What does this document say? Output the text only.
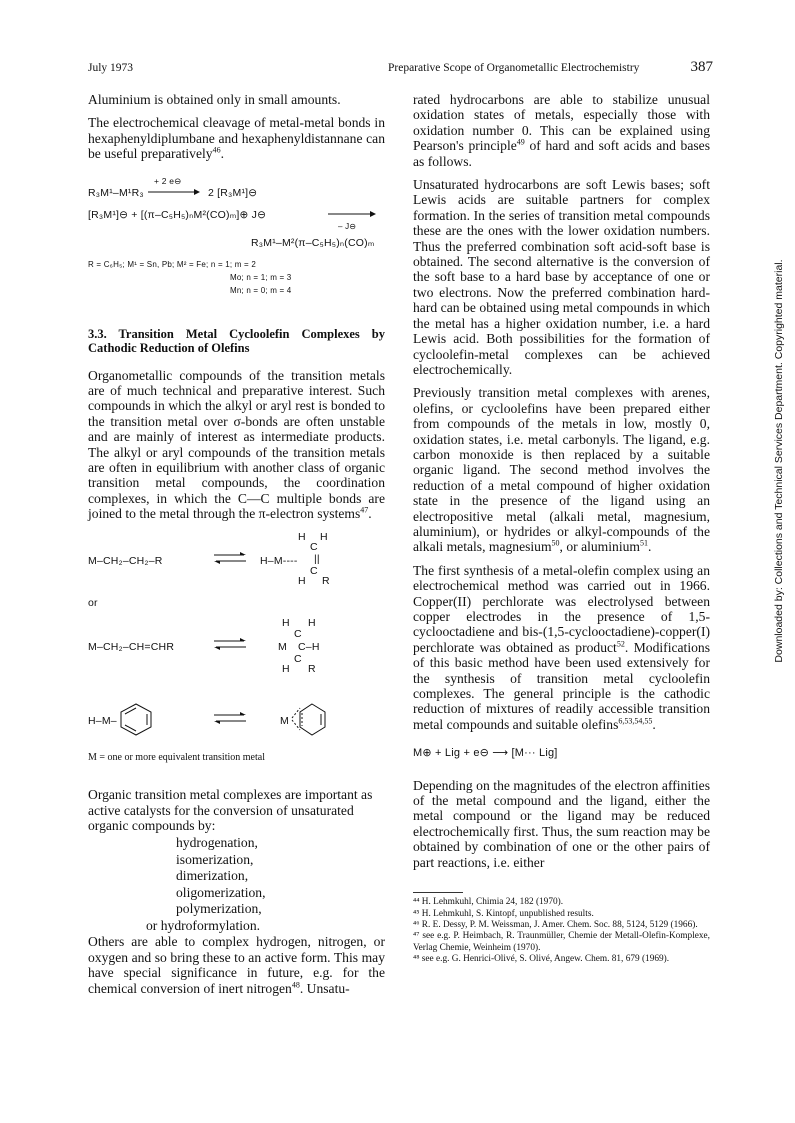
July 1973	Preparative Scope of Organometallic Electrochemistry	387
Downloaded by: Collections and Technical Services Department. Copyrighted material.

Aluminium is obtained only in small amounts.

The electrochemical cleavage of metal-metal bonds in hexaphenyldiplumbane and hexaphenyldistannane can be useful preparatively$^{46}$.

R₃M¹–M¹R₃
+ 2 e⊖
2 [R₃M¹]⊖
[R₃M¹]⊖ + [(π–C₅H₅)ₙM²(CO)ₘ]⊕ J⊖
– J⊖
R₃M¹–M²(π–C₅H₅)ₙ(CO)ₘ
R = C₆H₅; M¹ = Sn, Pb; M² = Fe; n = 1; m = 2
Mo; n = 1; m = 3
Mn; n = 0; m = 4
3.3. Transition Metal Cycloolefin Complexes by Cathodic Reduction of Olefins

Organometallic compounds of the transition metals are of much technical and preparative interest. Such compounds in which the alkyl or aryl rest is bonded to the transition metal over σ-bonds are often unstable and are mainly of interest as intermediate products. The alkyl or aryl compounds of the transition metals are often in equilibrium with another class of organic transition metal compounds, the coordination complexes, in which the C—C multiple bonds are joined to the metal through the π-electron systems$^{47}$.

M–CH₂–CH₂–R	H–M----
H H
C
||
C
H R
or
M–CH₂–CH=CHR
H H
C
M C–H
C
H R
H–M–	M
M = one or more equivalent transition metal

Organic transition metal complexes are important as active catalysts for the conversion of unsaturated organic compounds by:

hydrogenation,
isomerization,
dimerization,
oligomerization,
polymerization,
or hydroformylation.

Others are able to complex hydrogen, nitrogen, or oxygen and so bring these to an active form. This may have special significance in future, e.g. for the chemical conversion of inert nitrogen$^{48}$. Unsatu-

rated hydrocarbons are able to stabilize unusual oxidation states of metals, especially those with oxidation number 0. This can be explained using Pearson's principle$^{49}$ of hard and soft acids and bases as follows.

Unsaturated hydrocarbons are soft Lewis bases; soft Lewis acids are suitable partners for complex formation. In the series of transition metal compounds these are the ones with the lower oxidation numbers. Thus the preferred combination soft acid-soft base is obtained. The second alternative is the conversion of the soft base to a hard base by acceptance of one or two electrons. Now the preferred combination hard-hard can be obtained using metal compounds in which the metal has a higher oxidation number, i.e. a hard Lewis acid. Both possibilities for the formation of cycloolefin-metal complexes can be achieved electrochemically.

Previously transition metal complexes with arenes, olefins, or cycloolefins have been prepared either from compounds of the metals in low, mostly 0, oxidation states, i.e. metal carbonyls. The ligand, e.g. carbon monoxide is then replaced by a suitable organic ligand. The second method involves the reduction of a metal compound of higher oxidation state in the presence of the ligand using an electropositive metal (alkali metal, magnesium, aluminium), or hydrides or alkyl-compounds of the alkali metals, magnesium$^{50}$, or aluminium$^{51}$.

The first synthesis of a metal-olefin complex using an electrochemical method was carried out in 1966. Copper(II) perchlorate was electrolysed between copper electrodes in the presence of 1,5-cyclooctadiene and bis-(1,5-cyclooctadiene)-copper(I) perchlorate was obtained as product$^{52}$. Modifications of this basic method have been used extensively for the synthesis of transition metal cycloolefin complexes. The general principle is the cathodic reduction of mixtures of readily accessible transition metal compounds and suitable olefins$^{6,53,54,55}$.

M⊕ + Lig + e⊖ ⟶ [M··· Lig]

Depending on the magnitudes of the electron affinities of the metal compound and the ligand, either the metal compound or the ligand may be reduced electrochemically first. Thus, the sum reaction may be obtained by combination of one or the other pairs of part reactions, i.e. either

⁴⁴ H. Lehmkuhl, Chimia 24, 182 (1970).
⁴⁵ H. Lehmkuhl, S. Kintopf, unpublished results.
⁴⁶ R. E. Dessy, P. M. Weissman, J. Amer. Chem. Soc. 88, 5124, 5129 (1966).
⁴⁷ see e.g. P. Heimbach, R. Traunmüller, Chemie der Metall-Olefin-Komplexe, Verlag Chemie, Weinheim (1970).
⁴⁸ see e.g. G. Henrici-Olivé, S. Olivé, Angew. Chem. 81, 679 (1969).
